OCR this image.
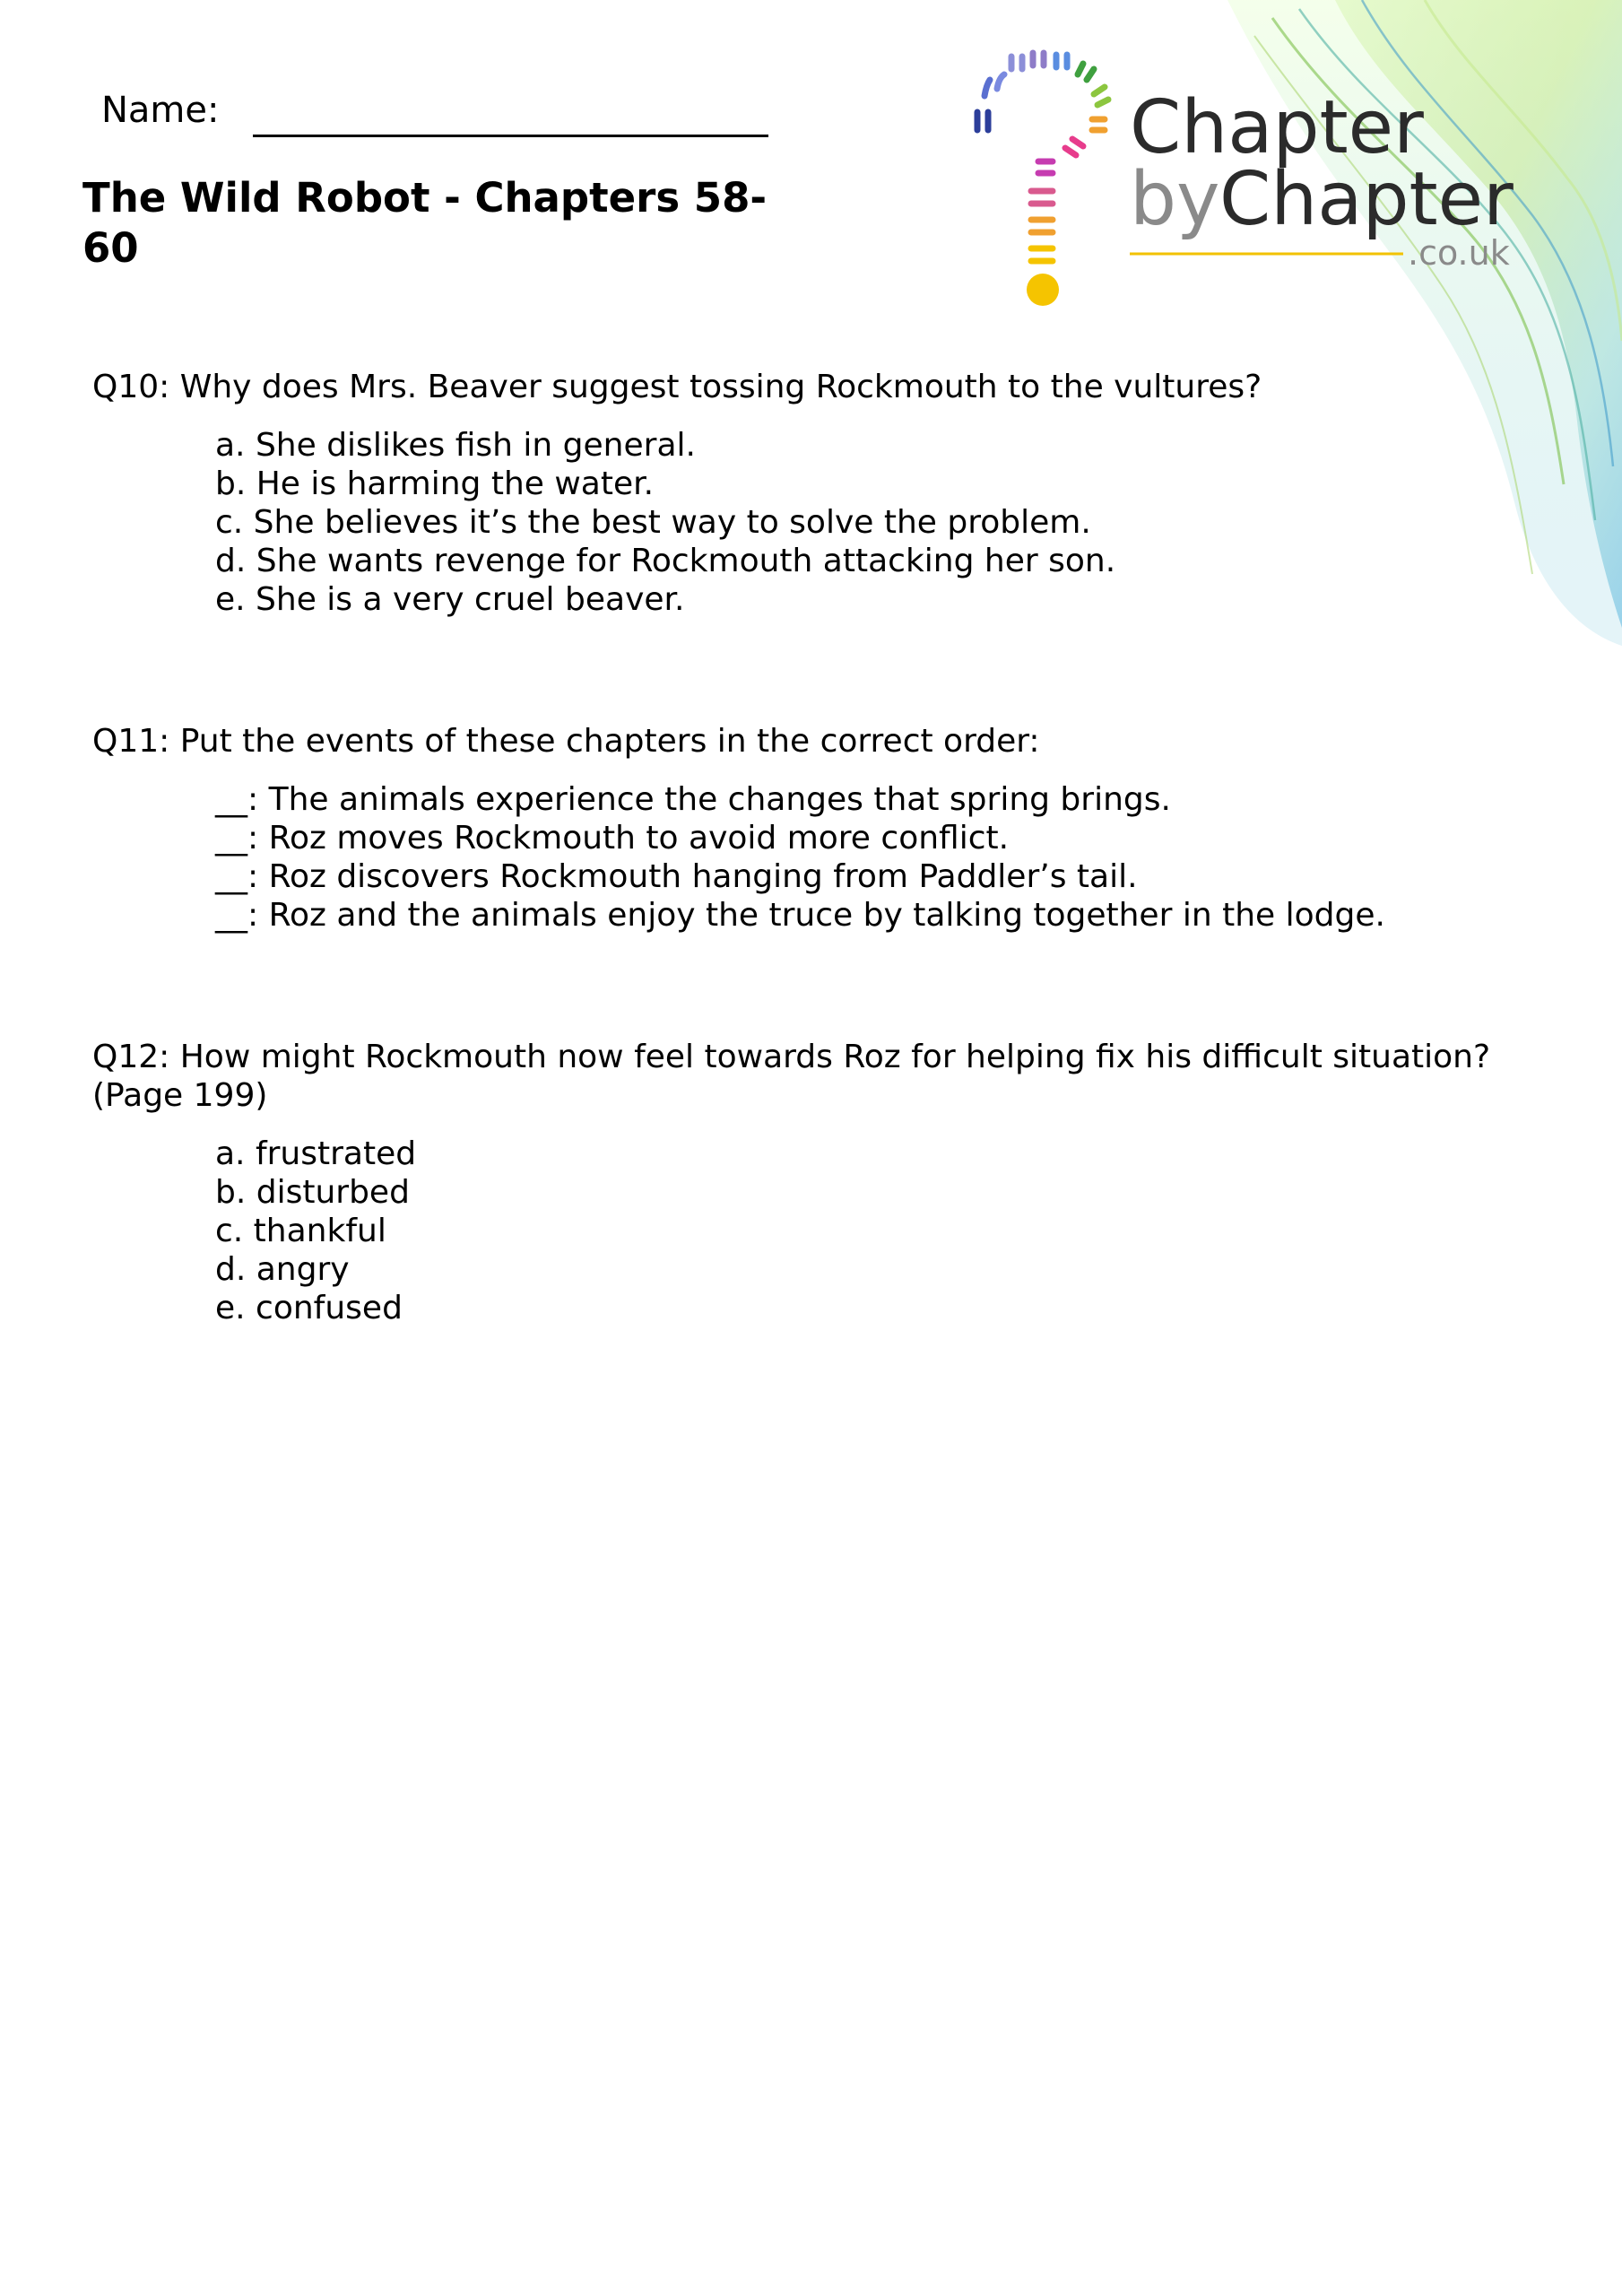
Chapter
by Chapter
.co.uk
Name:
The Wild Robot - Chapters 58-60

Q10: Why does Mrs. Beaver suggest tossing Rockmouth to the vultures?

a. She dislikes fish in general.
b. He is harming the water.
c. She believes it’s the best way to solve the problem.
d. She wants revenge for Rockmouth attacking her son.
e. She is a very cruel beaver.

Q11: Put the events of these chapters in the correct order:

__: The animals experience the changes that spring brings.
__: Roz moves Rockmouth to avoid more conflict.
__: Roz discovers Rockmouth hanging from Paddler’s tail.
__: Roz and the animals enjoy the truce by talking together in the lodge.

Q12: How might Rockmouth now feel towards Roz for helping fix his difficult situation? (Page 199)

a. frustrated
b. disturbed
c. thankful
d. angry
e. confused
